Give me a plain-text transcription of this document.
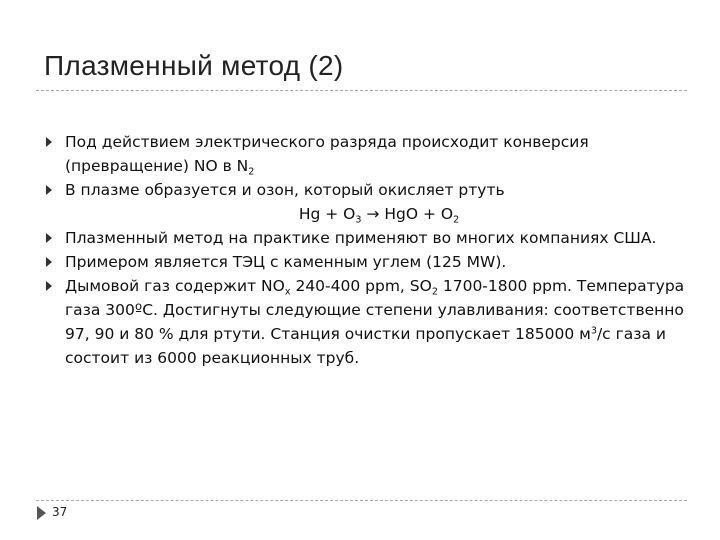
Плазменный метод (2)
Под действием электрического разряда происходит конверсия (превращение) NO в $N_2$
В плазме образуется и озон, который окисляет ртуть
$Hg + O_3$ → HgO + $O_2$
Плазменный метод на практике применяют во многих компаниях США.
Примером является ТЭЦ с каменным углем (125 MW).
Дымовой газ содержит $NO_x$ 240-400 ppm, $SO_2$ 1700-1800 ppm. Температура газа 300ºС. Достигнуты следующие степени улавливания: соответственно 97, 90 и 80 % для ртути. Станция очистки пропускает 185000 $м^3/с$ газа и состоит из 6000 реакционных труб.
37
